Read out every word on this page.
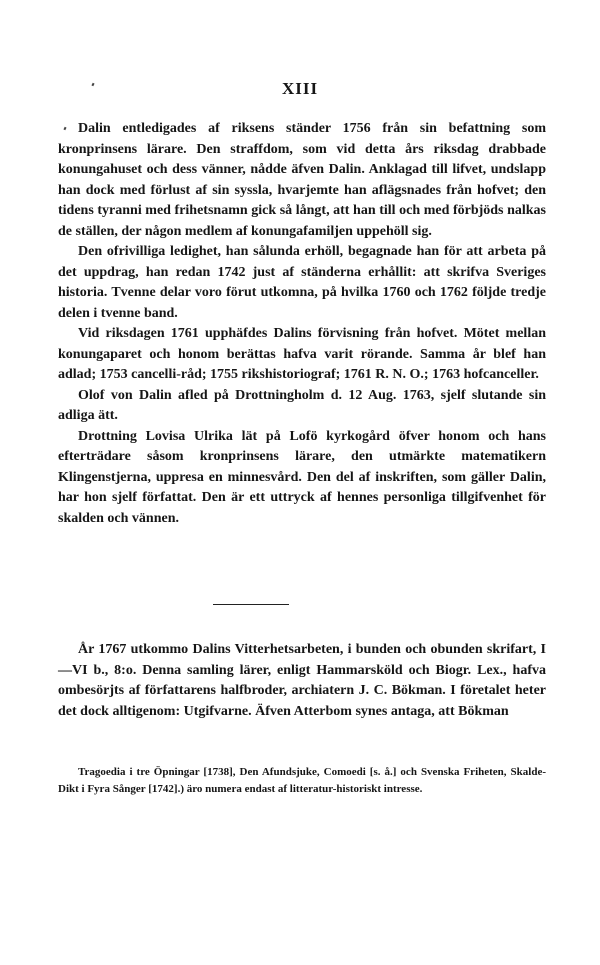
XIII

Dalin entledigades af riksens ständer 1756 från sin befattning som kronprinsens lärare. Den straffdom, som vid detta års riksdag drabbade konungahuset och dess vänner, nådde äfven Dalin. Anklagad till lifvet, undslapp han dock med förlust af sin syssla, hvarjemte han aflägsnades från hofvet; den tidens tyranni med frihetsnamn gick så långt, att han till och med förbjöds nalkas de ställen, der någon medlem af konungafamiljen uppehöll sig.

Den ofrivilliga ledighet, han sålunda erhöll, begagnade han för att arbeta på det uppdrag, han redan 1742 just af ständerna erhållit: att skrifva Sveriges historia. Tvenne delar voro förut utkomna, på hvilka 1760 och 1762 följde tredje delen i tvenne band.

Vid riksdagen 1761 upphäfdes Dalins förvisning från hofvet. Mötet mellan konungaparet och honom berättas hafva varit rörande. Samma år blef han adlad; 1753 cancelli-råd; 1755 rikshistoriograf; 1761 R. N. O.; 1763 hofcanceller.

Olof von Dalin afled på Drottningholm d. 12 Aug. 1763, sjelf slutande sin adliga ätt.

Drottning Lovisa Ulrika lät på Lofö kyrkogård öfver honom och hans efterträdare såsom kronprinsens lärare, den utmärkte matematikern Klingenstjerna, uppresa en minnesvård. Den del af inskriften, som gäller Dalin, har hon sjelf författat. Den är ett uttryck af hennes personliga tillgifvenhet för skalden och vännen.

År 1767 utkommo Dalins Vitterhetsarbeten, i bunden och obunden skrifart, I—VI b., 8:o. Denna samling lärer, enligt Hammarsköld och Biogr. Lex., hafva ombesörjts af författarens halfbroder, archiatern J. C. Bökman. I företalet heter det dock alltigenom: Utgifvarne. Äfven Atterbom synes antaga, att Bökman

Tragoedia i tre Öpningar [1738], Den Afundsjuke, Comoedi [s. å.] och Svenska Friheten, Skalde-Dikt i Fyra Sånger [1742].) äro numera endast af litteratur-historiskt intresse.
